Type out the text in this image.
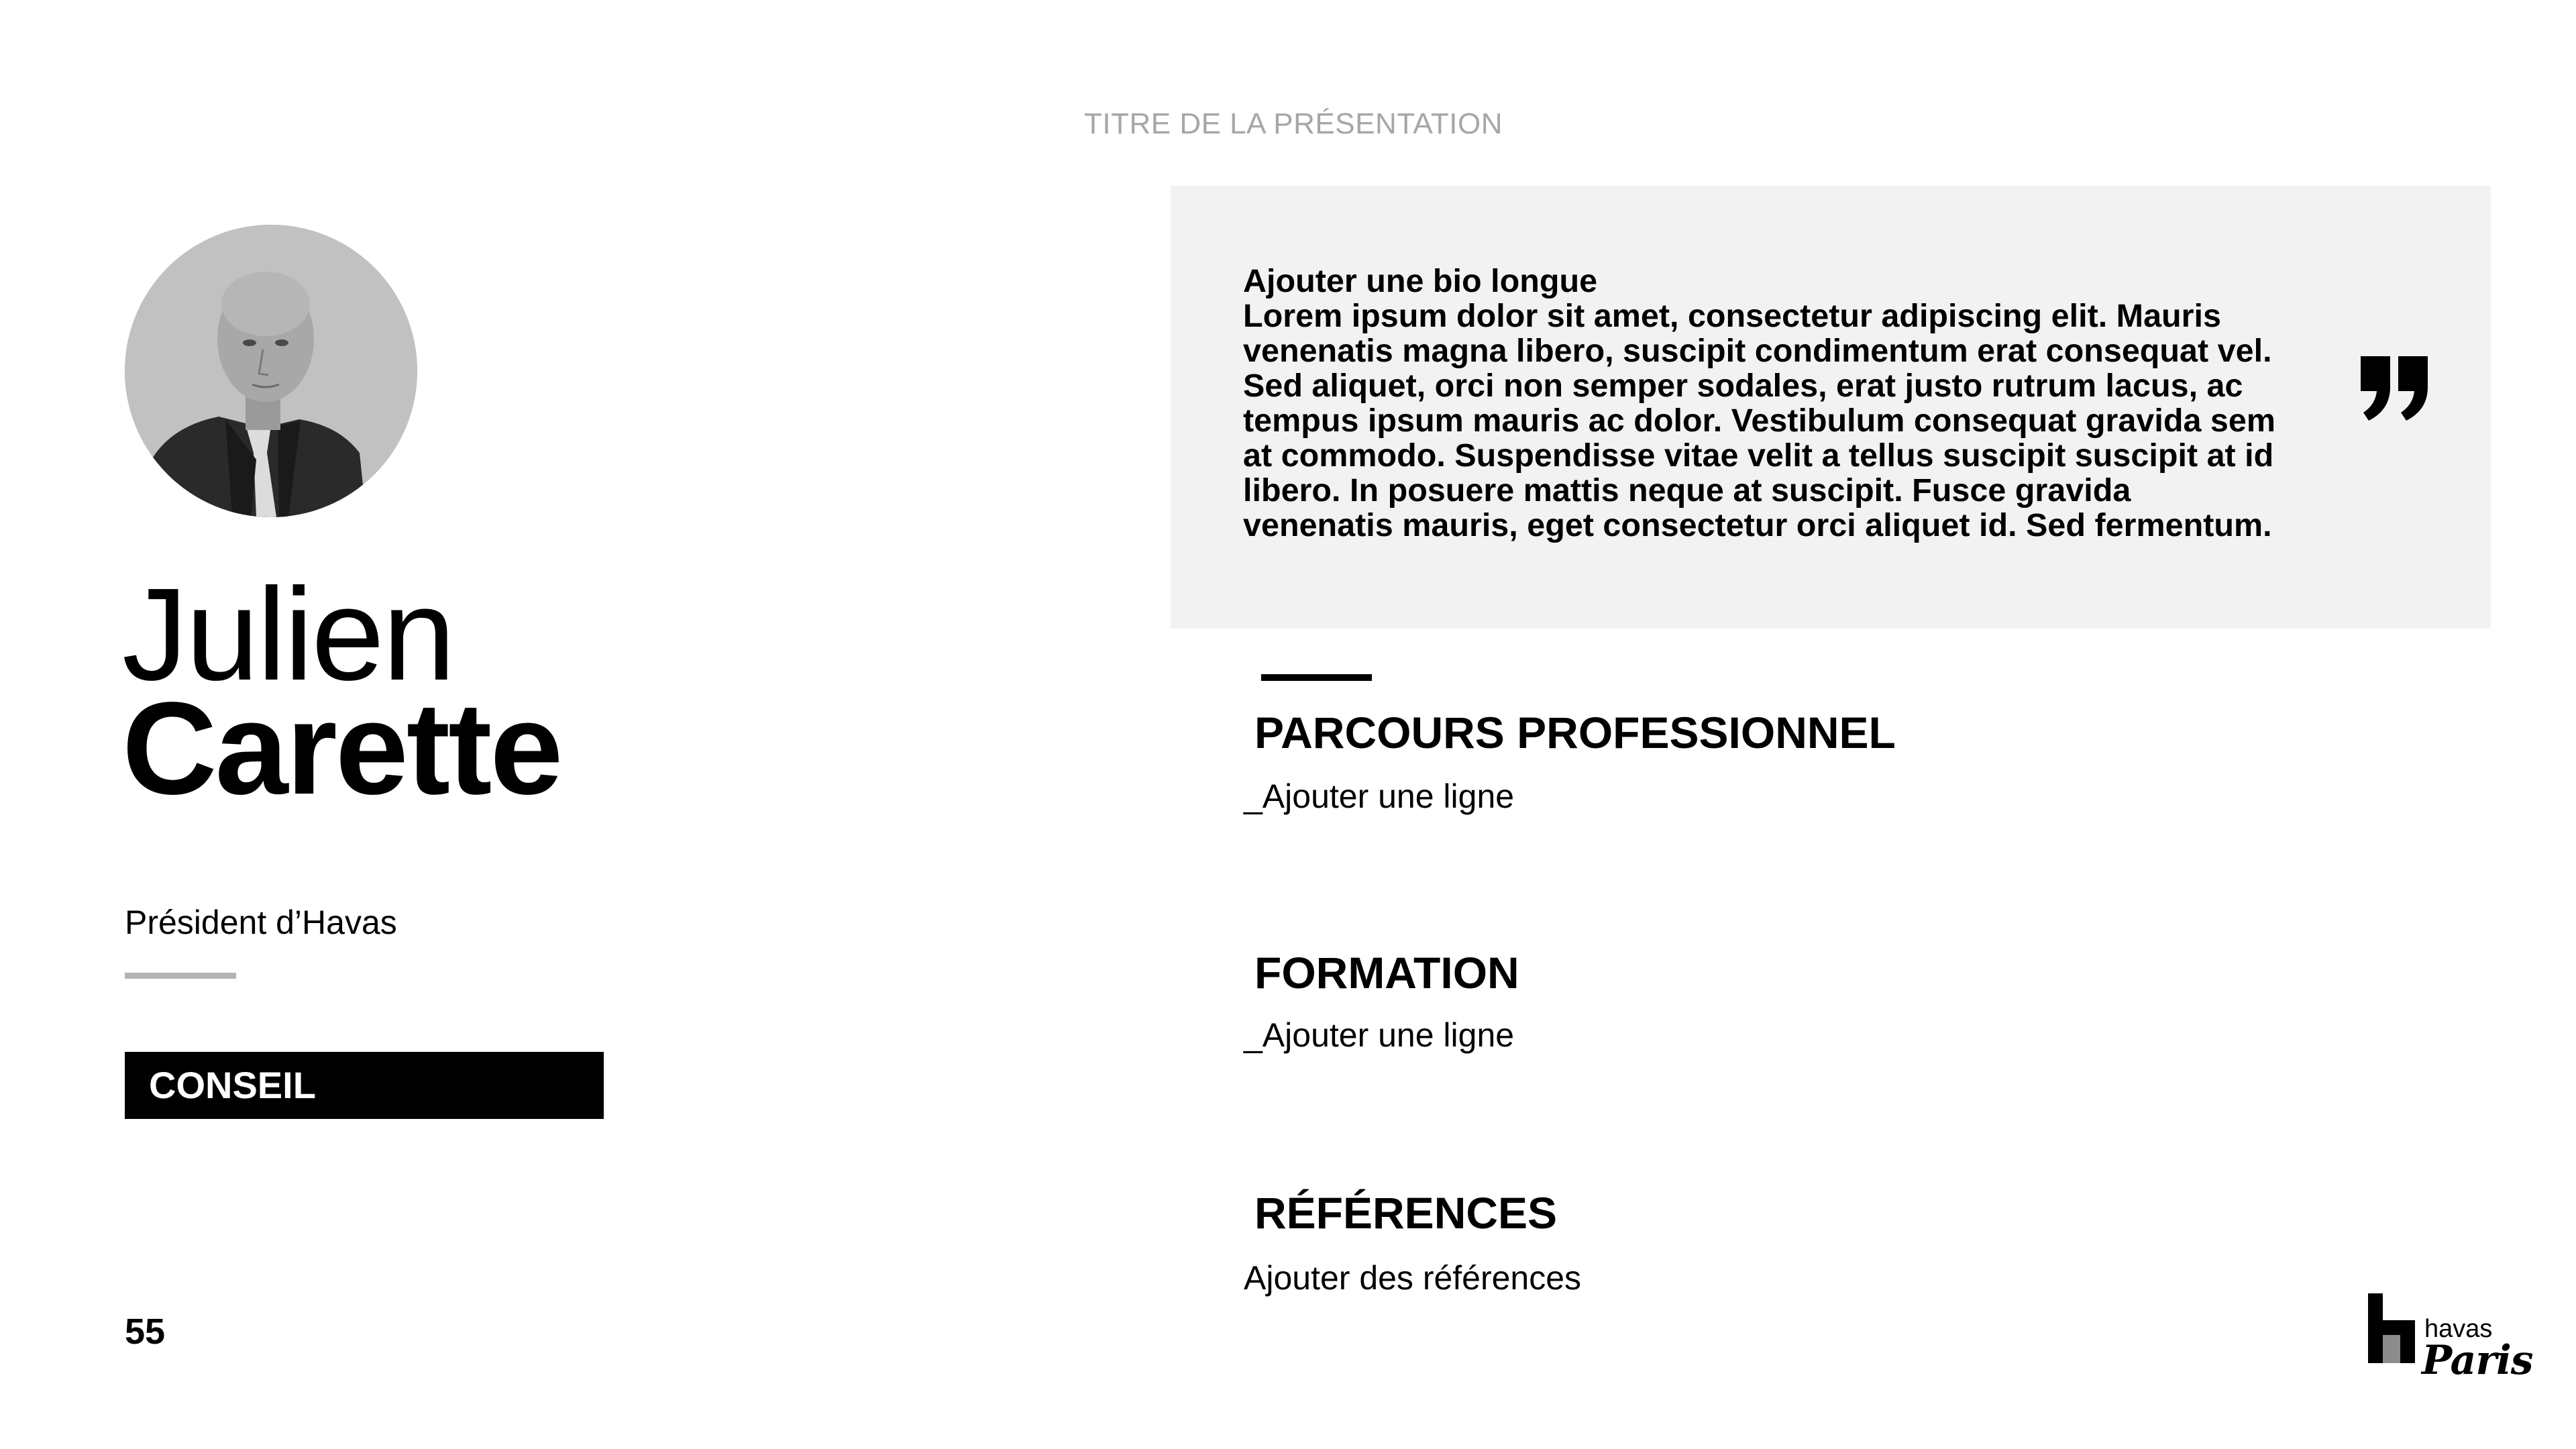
TITRE DE LA PRÉSENTATION
Julien
Carette
Président d’Havas
CONSEIL
55
Ajouter une bio longue
Lorem ipsum dolor sit amet, consectetur adipiscing elit. Mauris venenatis magna libero, suscipit condimentum erat consequat vel. Sed aliquet, orci non semper sodales, erat justo rutrum lacus, ac tempus ipsum mauris ac dolor. Vestibulum consequat gravida sem at commodo. Suspendisse vitae velit a tellus suscipit suscipit at id libero. In posuere mattis neque at suscipit. Fusce gravida venenatis mauris, eget consectetur orci aliquet id. Sed fermentum.
PARCOURS PROFESSIONNEL
_Ajouter une ligne
FORMATION
_Ajouter une ligne
RÉFÉRENCES
Ajouter des références
havas
Paris
